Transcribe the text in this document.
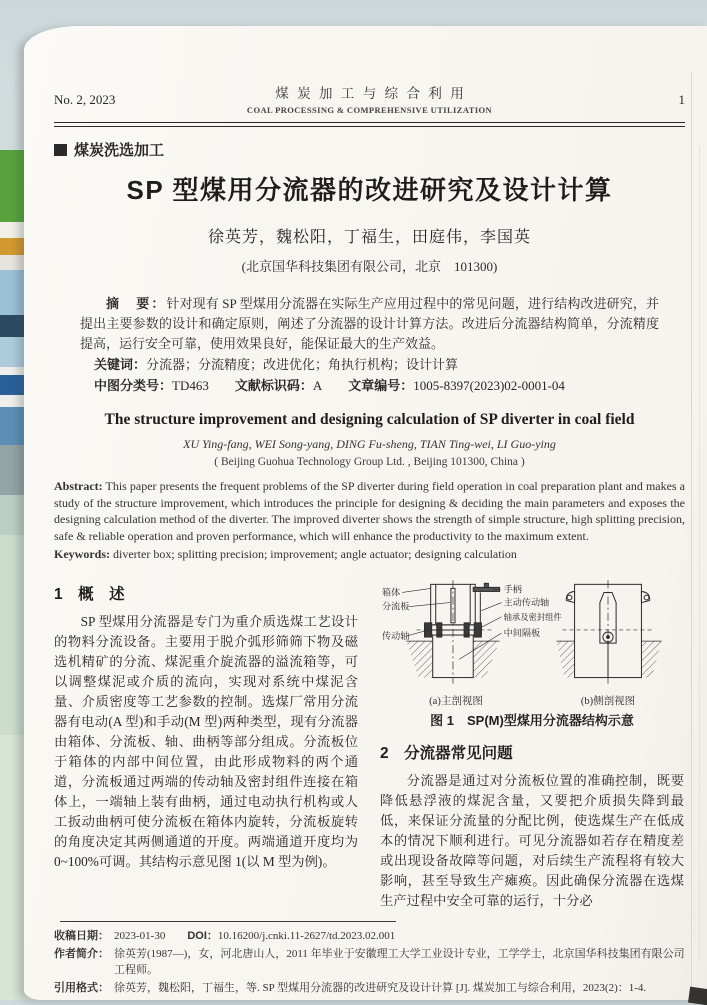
No. 2, 2023	煤炭加工与综合利用
COAL PROCESSING & COMPREHENSIVE UTILIZATION
1
煤炭洗选加工
SP 型煤用分流器的改进研究及设计计算
徐英芳，魏松阳，丁福生，田庭伟，李国英
(北京国华科技集团有限公司，北京　101300)

摘　要：针对现有 SP 型煤用分流器在实际生产应用过程中的常见问题，进行结构改进研究，并提出主要参数的设计和确定原则，阐述了分流器的设计计算方法。改进后分流器结构简单，分流精度提高，运行安全可靠，使用效果良好，能保证最大的生产效益。

关键词：分流器；分流精度；改进优化；角执行机构；设计计算
中图分类号：TD463 文献标识码：A 文章编号：1005-8397(2023)02-0001-04
The structure improvement and designing calculation of SP diverter in coal field
XU Ying-fang, WEI Song-yang, DING Fu-sheng, TIAN Ting-wei, LI Guo-ying
( Beijing Guohua Technology Group Ltd. , Beijing 101300, China )
Abstract: This paper presents the frequent problems of the SP diverter during field operation in coal preparation plant and makes a study of the structure improvement, which introduces the principle for designing & deciding the main parameters and exposes the designing calculation method of the diverter. The improved diverter shows the strength of simple structure, high splitting precision, safe & reliable operation and proven performance, which will enhance the productivity to the maximum extent.
Keywords: diverter box; splitting precision; improvement; angle actuator; designing calculation
1　概　述

SP 型煤用分流器是专门为重介质选煤工艺设计的物料分流设备。主要用于脱介弧形筛筛下物及磁选机精矿的分流、煤泥重介旋流器的溢流箱等，可以调整煤泥或介质的流向，实现对系统中煤泥含量、介质密度等工艺参数的控制。选煤厂常用分流器有电动(A 型)和手动(M 型)两种类型，现有分流器由箱体、分流板、轴、曲柄等部分组成。分流板位于箱体的内部中间位置，由此形成物料的两个通道，分流板通过两端的传动轴及密封组件连接在箱体上，一端轴上装有曲柄，通过电动执行机构或人工扳动曲柄可使分流板在箱体内旋转，分流板旋转的角度决定其两侧通道的开度。两端通道开度均为 0~100%可调。其结构示意见图 1(以 M 型为例)。

箱体
分流板
传动轴
手柄
主动传动轴
轴承及密封组件
中间隔板
(a)主剖视图	(b)侧剖视图
图 1　SP(M)型煤用分流器结构示意
2　分流器常见问题

分流器是通过对分流板位置的准确控制，既要降低悬浮液的煤泥含量，又要把介质损失降到最低，来保证分流量的分配比例，使选煤生产在低成本的情况下顺利进行。可见分流器如若存在精度差或出现设备故障等问题，对后续生产流程将有较大影响，甚至导致生产瘫痪。因此确保分流器在选煤生产过程中安全可靠的运行，十分必

收稿日期： 2023-01-30 DOI：10.16200/j.cnki.11-2627/td.2023.02.001
作者简介： 徐英芳(1987—)，女，河北唐山人，2011 年毕业于安徽理工大学工业设计专业，工学学士，北京国华科技集团有限公司工程师。
引用格式： 徐英芳，魏松阳，丁福生，等. SP 型煤用分流器的改进研究及设计计算 [J]. 煤炭加工与综合利用，2023(2)：1-4.
